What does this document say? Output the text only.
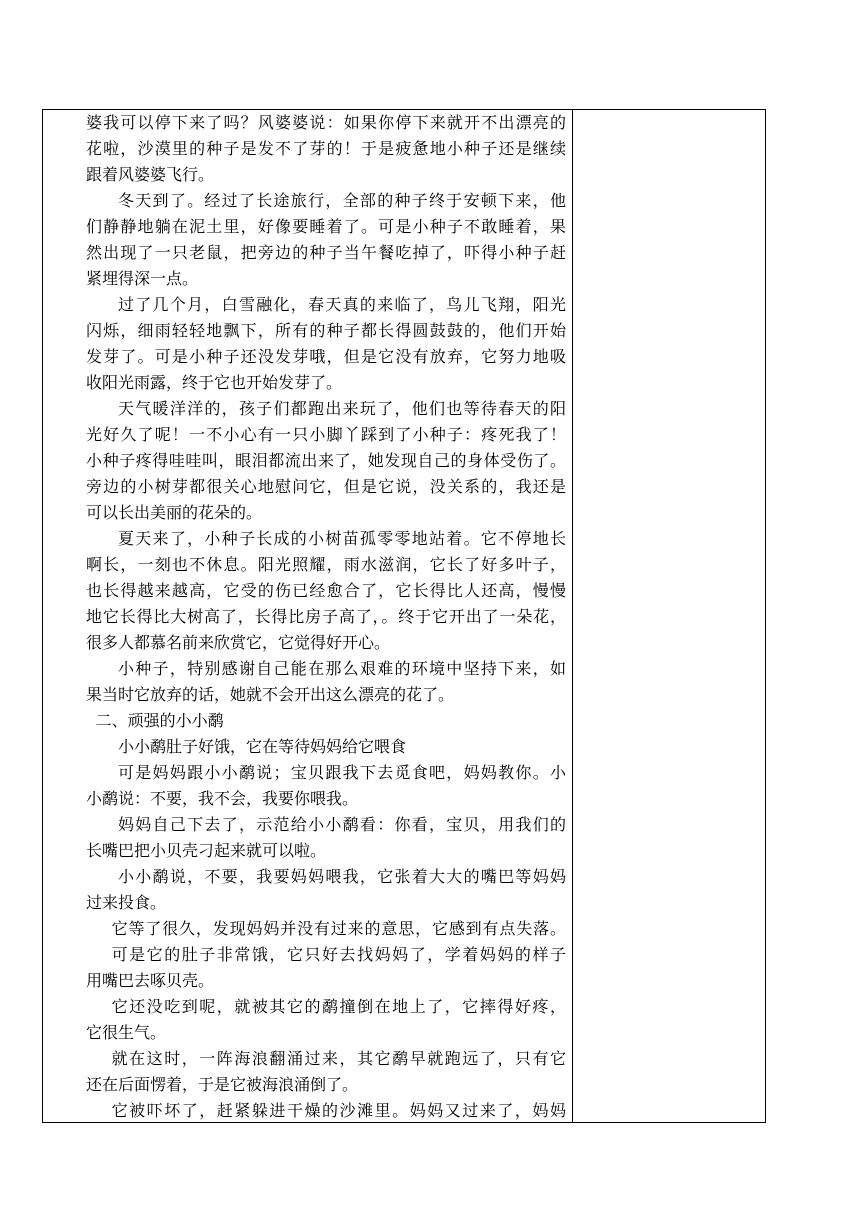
婆我可以停下来了吗？风婆婆说：如果你停下来就开不出漂亮的
花啦，沙漠里的种子是发不了芽的！于是疲惫地小种子还是继续
跟着风婆婆飞行。
冬天到了。经过了长途旅行，全部的种子终于安顿下来，他
们静静地躺在泥土里，好像要睡着了。可是小种子不敢睡着，果
然出现了一只老鼠，把旁边的种子当午餐吃掉了，吓得小种子赶
紧埋得深一点。
过了几个月，白雪融化，春天真的来临了，鸟儿飞翔，阳光
闪烁，细雨轻轻地飘下，所有的种子都长得圆鼓鼓的，他们开始
发芽了。可是小种子还没发芽哦，但是它没有放弃，它努力地吸
收阳光雨露，终于它也开始发芽了。
天气暖洋洋的，孩子们都跑出来玩了，他们也等待春天的阳
光好久了呢！一不小心有一只小脚丫踩到了小种子：疼死我了！
小种子疼得哇哇叫，眼泪都流出来了，她发现自己的身体受伤了。
旁边的小树芽都很关心地慰问它，但是它说，没关系的，我还是
可以长出美丽的花朵的。
夏天来了，小种子长成的小树苗孤零零地站着。它不停地长
啊长，一刻也不休息。阳光照耀，雨水滋润，它长了好多叶子，
也长得越来越高，它受的伤已经愈合了，它长得比人还高，慢慢
地它长得比大树高了，长得比房子高了，。终于它开出了一朵花，
很多人都慕名前来欣赏它，它觉得好开心。
小种子，特别感谢自己能在那么艰难的环境中坚持下来，如
果当时它放弃的话，她就不会开出这么漂亮的花了。
二、顽强的小小鹬
小小鹬肚子好饿，它在等待妈妈给它喂食
可是妈妈跟小小鹬说；宝贝跟我下去觅食吧，妈妈教你。小
小鹬说：不要，我不会，我要你喂我。
妈妈自己下去了，示范给小小鹬看：你看，宝贝，用我们的
长嘴巴把小贝壳刁起来就可以啦。
小小鹬说，不要，我要妈妈喂我，它张着大大的嘴巴等妈妈
过来投食。
它等了很久，发现妈妈并没有过来的意思，它感到有点失落。
可是它的肚子非常饿，它只好去找妈妈了，学着妈妈的样子
用嘴巴去啄贝壳。
它还没吃到呢，就被其它的鹬撞倒在地上了，它摔得好疼，
它很生气。
就在这时，一阵海浪翻涌过来，其它鹬早就跑远了，只有它
还在后面愣着，于是它被海浪涌倒了。
它被吓坏了，赶紧躲进干燥的沙滩里。妈妈又过来了，妈妈
